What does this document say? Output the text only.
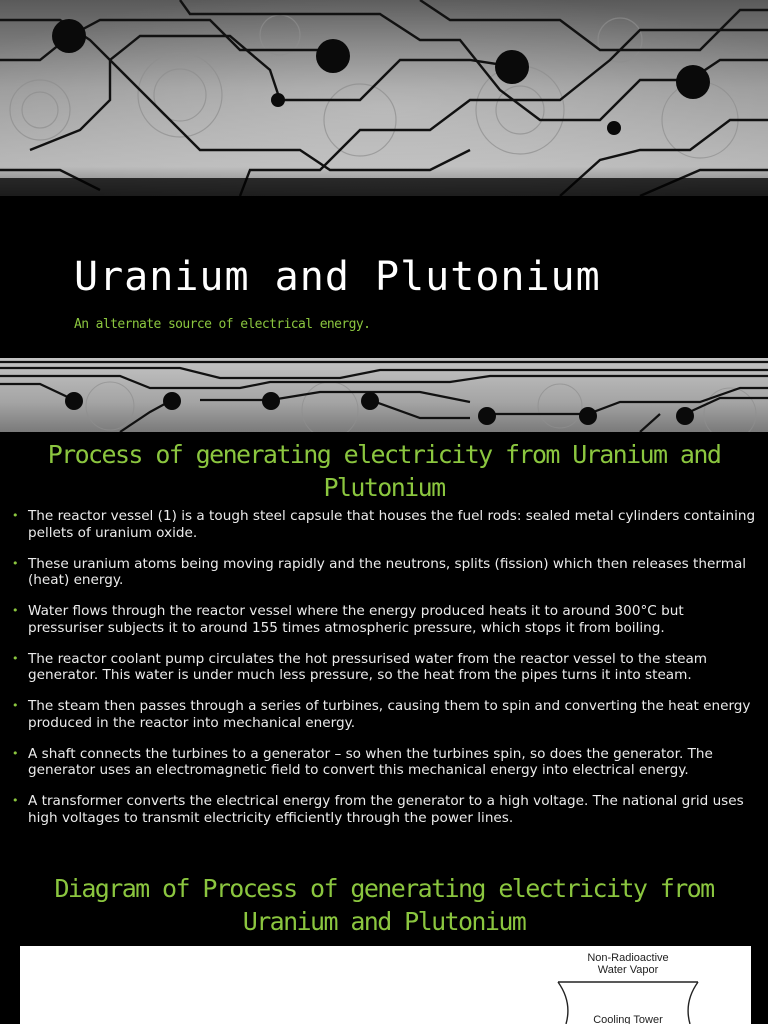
Uranium and Plutonium

An alternate source of electrical energy.

Process of generating electricity from Uranium and Plutonium
• The reactor vessel (1) is a tough steel capsule that houses the fuel rods: sealed metal cylinders containing pellets of uranium oxide.
• These uranium atoms being moving rapidly and the neutrons, splits (fission) which then releases thermal (heat) energy.
• Water flows through the reactor vessel where the energy produced heats it to around 300°C but pressuriser subjects it to around 155 times atmospheric pressure, which stops it from boiling.
• The reactor coolant pump circulates the hot pressurised water from the reactor vessel to the steam generator. This water is under much less pressure, so the heat from the pipes turns it into steam.
• The steam then passes through a series of turbines, causing them to spin and converting the heat energy produced in the reactor into mechanical energy.
• A shaft connects the turbines to a generator – so when the turbines spin, so does the generator. The generator uses an electromagnetic field to convert this mechanical energy into electrical energy.
• A transformer converts the electrical energy from the generator to a high voltage. The national grid uses high voltages to transmit electricity efficiently through the power lines.
Diagram of Process of generating electricity from Uranium and Plutonium
Non-Radioactive
Water Vapor
Cooling Tower
